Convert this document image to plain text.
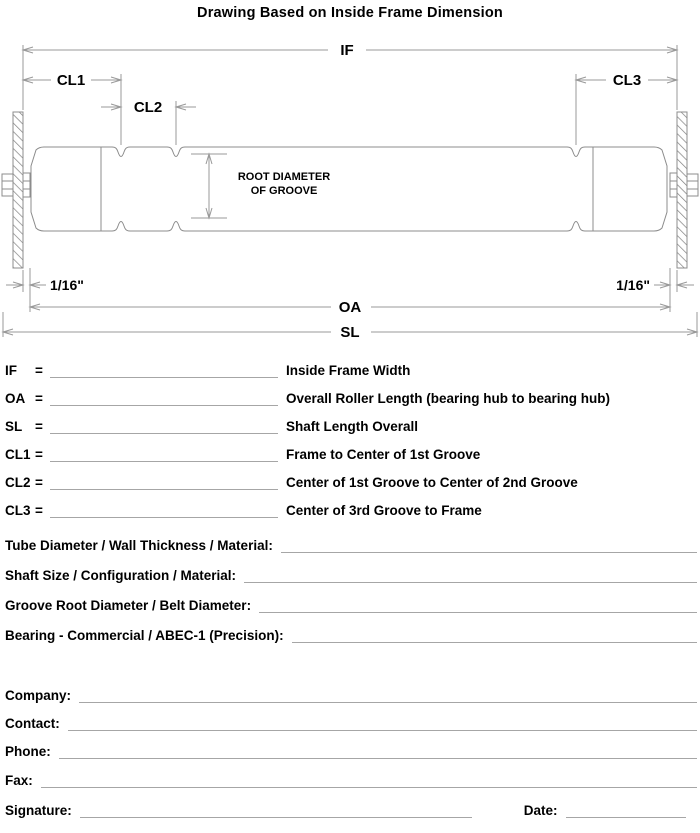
Drawing Based on Inside Frame Dimension
IF
CL1
CL2
CL3
ROOT DIAMETER
OF GROOVE
1/16"	1/16"
OA
SL
IF	=	Inside Frame Width
OA =	Overall Roller Length (bearing hub to bearing hub)
SL =	Shaft Length Overall
CL1 =	Frame to Center of 1st Groove
CL2 =	Center of 1st Groove to Center of 2nd Groove
CL3 =	Center of 3rd Groove to Frame
Tube Diameter / Wall Thickness / Material:
Shaft Size / Configuration / Material:
Groove Root Diameter / Belt Diameter:
Bearing - Commercial / ABEC-1 (Precision):
Company:
Contact:
Phone:
Fax:
Signature:	Date:
